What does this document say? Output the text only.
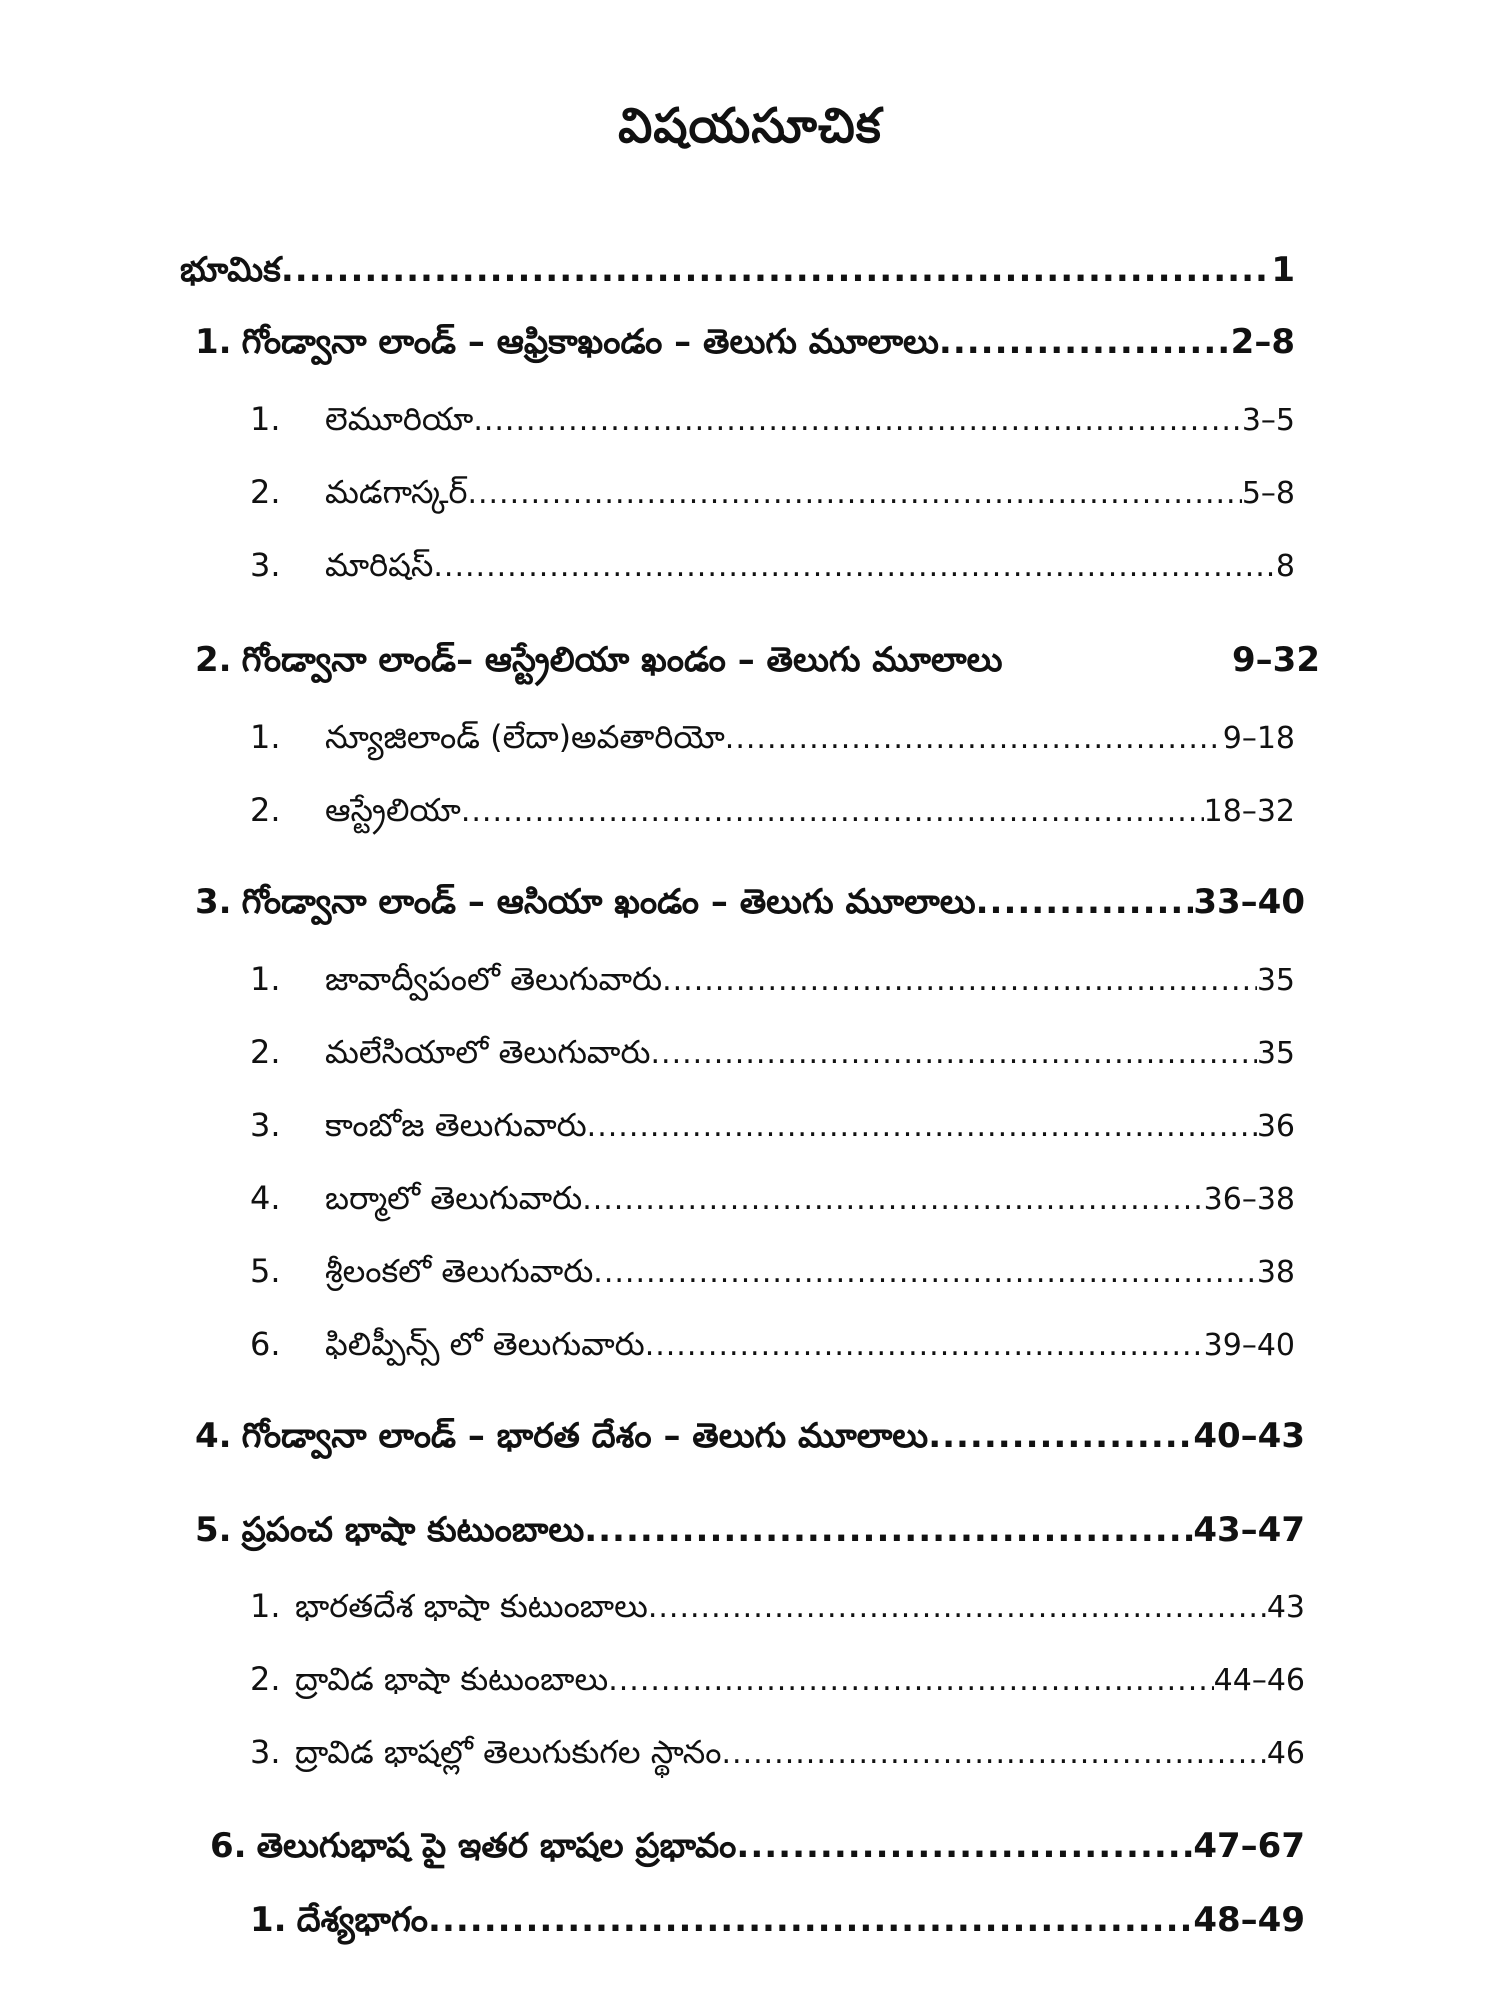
విషయసూచిక
భూమిక .....	1
1. గోండ్వానా లాండ్ – ఆఫ్రికాఖండం – తెలుగు మూలాలు .....	2–8
1.	లెమూరియా .....	3–5
2.	మడగాస్కర్ .....	5–8
3.	మారిషస్ .....	8
2. గోండ్వానా లాండ్– ఆస్ట్రేలియా ఖండం – తెలుగు మూలాలు	9–32
1.	న్యూజిలాండ్ (లేదా)అవతారియో .....	9–18
2.	ఆస్ట్రేలియా .....	18–32
3. గోండ్వానా లాండ్ – ఆసియా ఖండం – తెలుగు మూలాలు .....	33–40
1.	జావాద్వీపంలో తెలుగువారు .....	35
2.	మలేసియాలో తెలుగువారు .....	35
3.	కాంబోజ తెలుగువారు .....	36
4.	బర్మాలో తెలుగువారు .....	36–38
5.	శ్రీలంకలో తెలుగువారు .....	38
6.	ఫిలిప్పీన్స్ లో తెలుగువారు .....	39–40
4. గోండ్వానా లాండ్ – భారత దేశం – తెలుగు మూలాలు .....	40–43
5. ప్రపంచ భాషా కుటుంబాలు .....	43–47
1. భారతదేశ భాషా కుటుంబాలు .....	43
2. ద్రావిడ భాషా కుటుంబాలు .....	44–46
3. ద్రావిడ భాషల్లో తెలుగుకుగల స్థానం .....	46
6. తెలుగుభాష పై ఇతర భాషల ప్రభావం .....	47–67
1. దేశ్యభాగం .....	48–49
